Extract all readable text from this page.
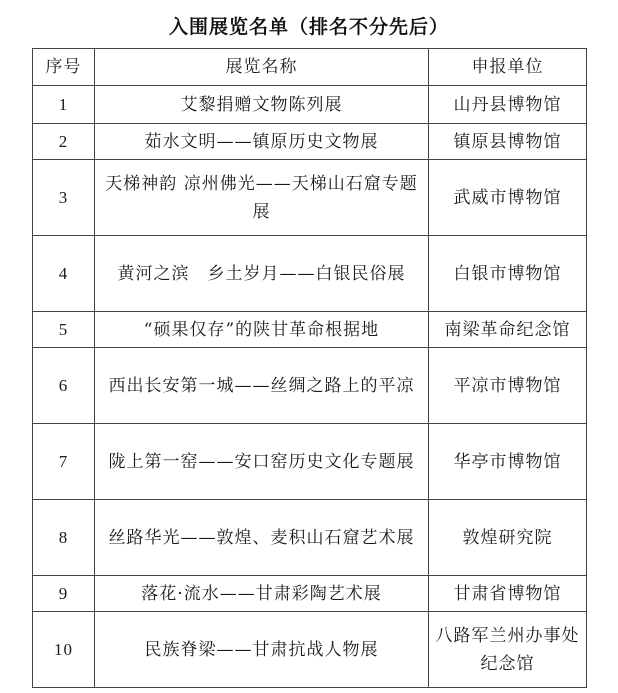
入围展览名单（排名不分先后）
序号	展览名称	申报单位
1	艾黎捐赠文物陈列展	山丹县博物馆
2	茹水文明——镇原历史文物展	镇原县博物馆
3	天梯神韵 凉州佛光——天梯山石窟专题展	武威市博物馆
4	黄河之滨　乡土岁月——白银民俗展	白银市博物馆
5	“硕果仅存”的陕甘革命根据地	南梁革命纪念馆
6	西出长安第一城——丝绸之路上的平凉	平凉市博物馆
7	陇上第一窑——安口窑历史文化专题展	华亭市博物馆
8	丝路华光——敦煌、麦积山石窟艺术展	敦煌研究院
9	落花·流水——甘肃彩陶艺术展	甘肃省博物馆
10	民族脊梁——甘肃抗战人物展	八路军兰州办事处纪念馆
